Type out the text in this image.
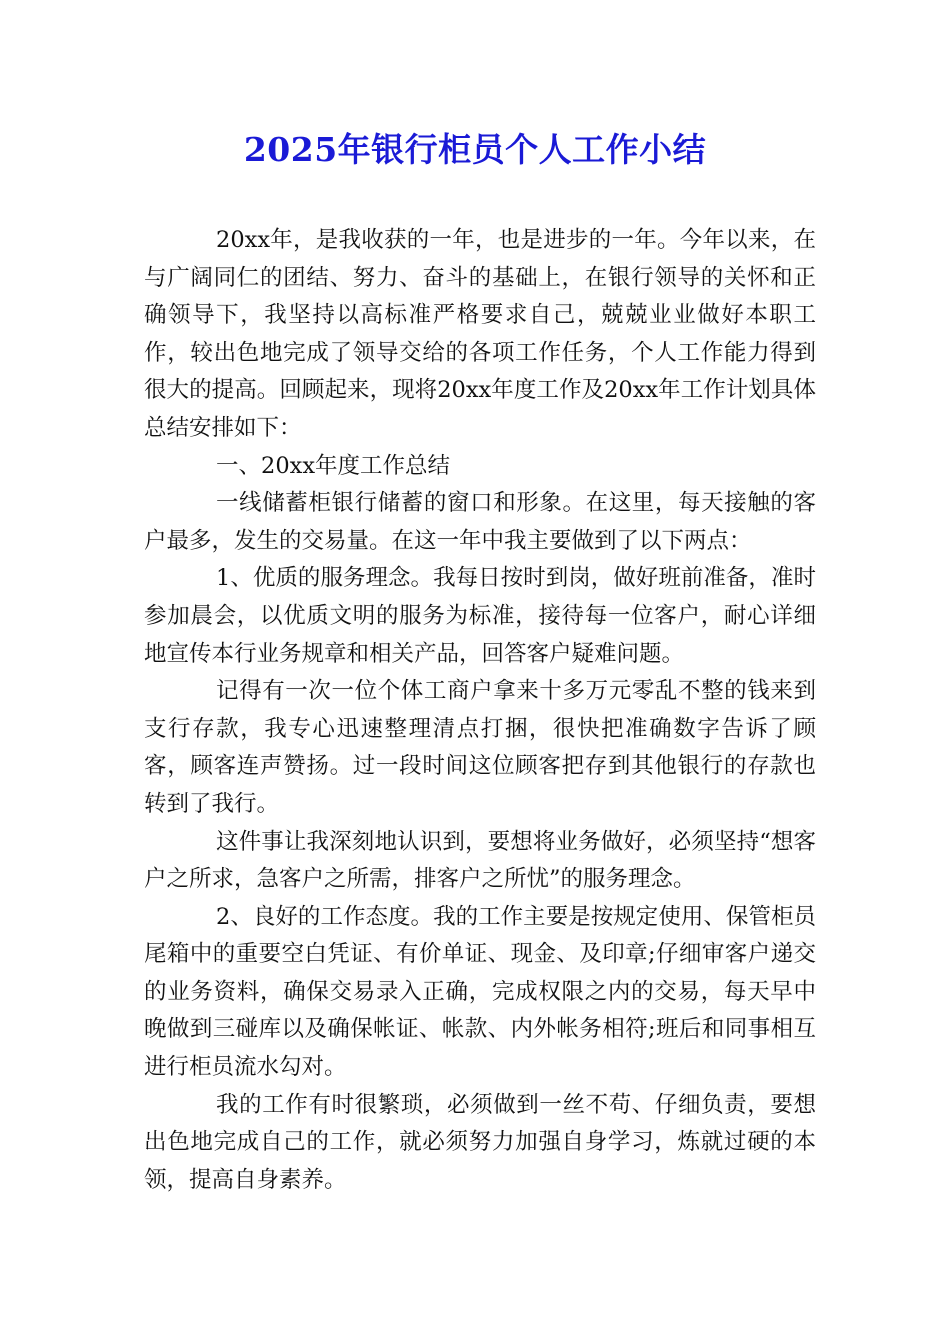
2025年银行柜员个人工作小结

20xx年，是我收获的一年，也是进步的一年。今年以来，在与广阔同仁的团结、努力、奋斗的基础上，在银行领导的关怀和正确领导下，我坚持以高标准严格要求自己，兢兢业业做好本职工作，较出色地完成了领导交给的各项工作任务，个人工作能力得到很大的提高。回顾起来，现将20xx年度工作及20xx年工作计划具体总结安排如下：

一、20xx年度工作总结

一线储蓄柜银行储蓄的窗口和形象。在这里，每天接触的客户最多，发生的交易量。在这一年中我主要做到了以下两点：

1、优质的服务理念。我每日按时到岗，做好班前准备，准时参加晨会，以优质文明的服务为标准，接待每一位客户，耐心详细地宣传本行业务规章和相关产品，回答客户疑难问题。

记得有一次一位个体工商户拿来十多万元零乱不整的钱来到支行存款，我专心迅速整理清点打捆，很快把准确数字告诉了顾客，顾客连声赞扬。过一段时间这位顾客把存到其他银行的存款也转到了我行。

这件事让我深刻地认识到，要想将业务做好，必须坚持“想客户之所求，急客户之所需，排客户之所忧”的服务理念。

2、良好的工作态度。我的工作主要是按规定使用、保管柜员尾箱中的重要空白凭证、有价单证、现金、及印章;仔细审客户递交的业务资料，确保交易录入正确，完成权限之内的交易，每天早中晚做到三碰库以及确保帐证、帐款、内外帐务相符;班后和同事相互进行柜员流水勾对。

我的工作有时很繁琐，必须做到一丝不苟、仔细负责，要想出色地完成自己的工作，就必须努力加强自身学习，炼就过硬的本领，提高自身素养。
